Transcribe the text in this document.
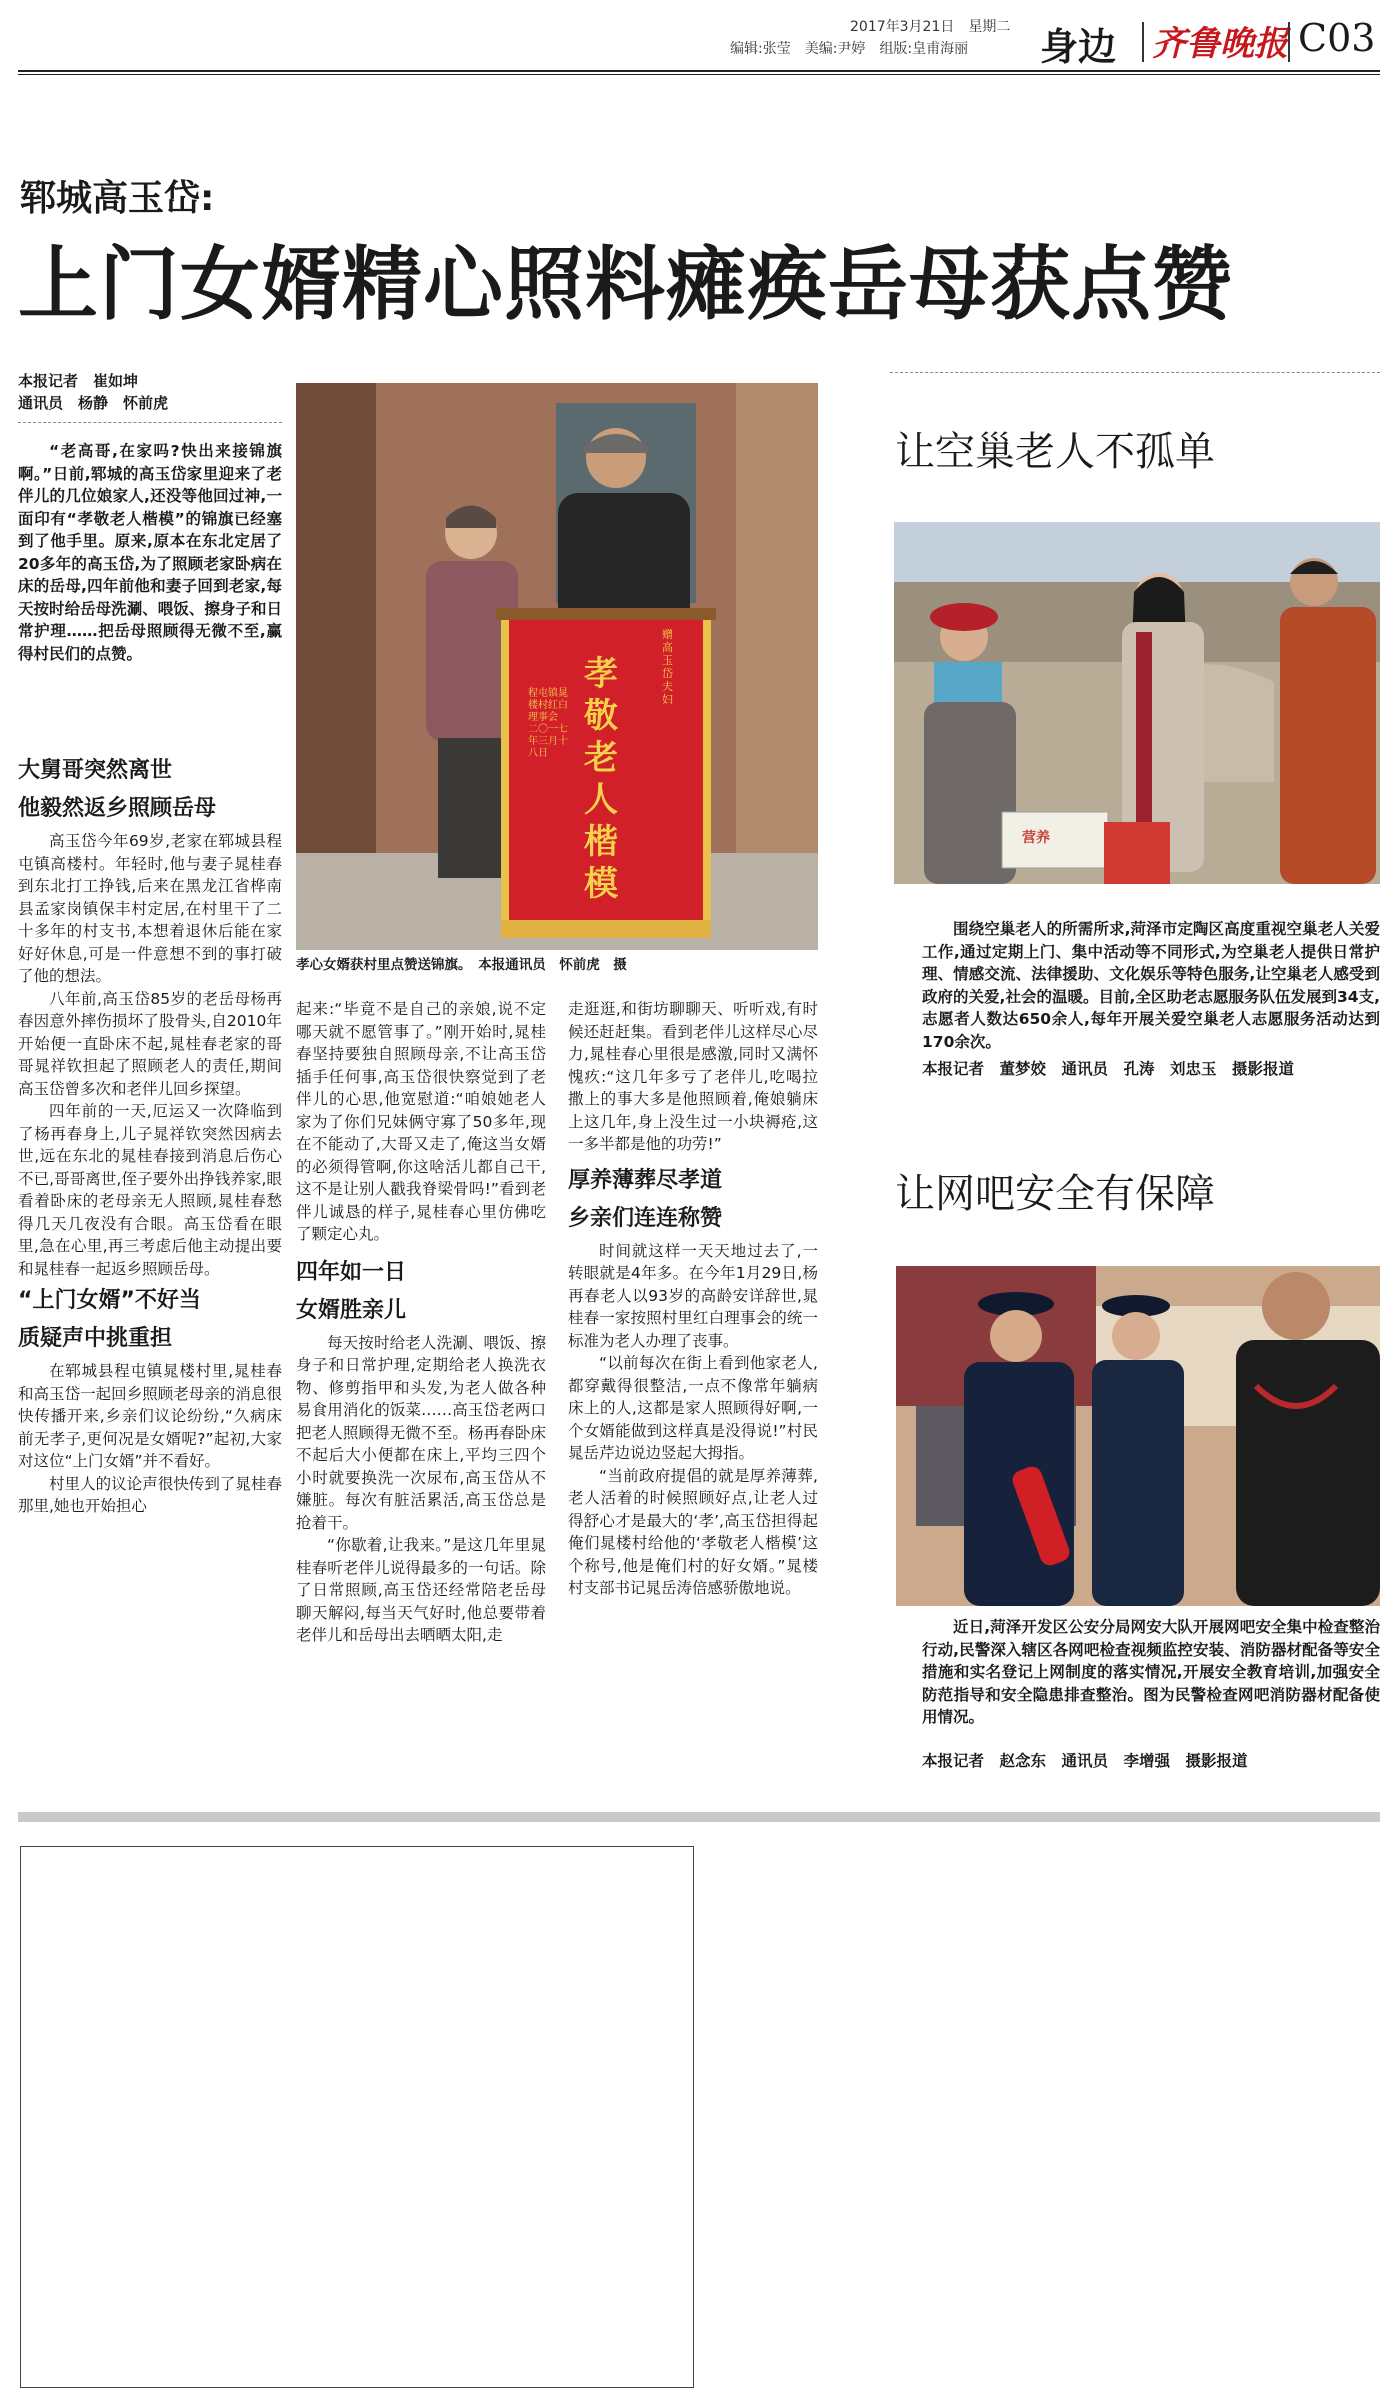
2017年3月21日　 星期二
编辑:张莹　 美编:尹婷　 组版:皇甫海丽 身边 齐鲁晚报 C03
郓城高玉岱:
上门女婿精心照料瘫痪岳母获点赞
本报记者　崔如坤
通讯员　杨静　怀前虎

“老高哥,在家吗?快出来接锦旗啊。”日前,郓城的高玉岱家里迎来了老伴儿的几位娘家人,还没等他回过神,一面印有“孝敬老人楷模”的锦旗已经塞到了他手里。原来,原本在东北定居了20多年的高玉岱,为了照顾老家卧病在床的岳母,四年前他和妻子回到老家,每天按时给岳母洗涮、喂饭、擦身子和日常护理……把岳母照顾得无微不至,赢得村民们的点赞。

孝敬老人楷模
赠 高玉岱 夫妇
程屯镇晁楼村红白理事会 二〇一七年三月十八日
孝心女婿获村里点赞送锦旗。　本报通讯员　怀前虎　摄
大舅哥突然离世
他毅然返乡照顾岳母

高玉岱今年69岁,老家在郓城县程屯镇高楼村。年轻时,他与妻子晁桂春到东北打工挣钱,后来在黑龙江省桦南县孟家岗镇保丰村定居,在村里干了二十多年的村支书,本想着退休后能在家好好休息,可是一件意想不到的事打破了他的想法。

八年前,高玉岱85岁的老岳母杨再春因意外摔伤损坏了股骨头,自2010年开始便一直卧床不起,晁桂春老家的哥哥晁祥钦担起了照顾老人的责任,期间高玉岱曾多次和老伴儿回乡探望。

四年前的一天,厄运又一次降临到了杨再春身上,儿子晁祥钦突然因病去世,远在东北的晁桂春接到消息后伤心不已,哥哥离世,侄子要外出挣钱养家,眼看着卧床的老母亲无人照顾,晁桂春愁得几天几夜没有合眼。高玉岱看在眼里,急在心里,再三考虑后他主动提出要和晁桂春一起返乡照顾岳母。

“上门女婿”不好当
质疑声中挑重担

在郓城县程屯镇晁楼村里,晁桂春和高玉岱一起回乡照顾老母亲的消息很快传播开来,乡亲们议论纷纷,“久病床前无孝子,更何况是女婿呢?”起初,大家对这位“上门女婿”并不看好。

村里人的议论声很快传到了晁桂春那里,她也开始担心

起来:“毕竟不是自己的亲娘,说不定哪天就不愿管事了。”刚开始时,晁桂春坚持要独自照顾母亲,不让高玉岱插手任何事,高玉岱很快察觉到了老伴儿的心思,他宽慰道:“咱娘她老人家为了你们兄妹俩守寡了50多年,现在不能动了,大哥又走了,俺这当女婿的必须得管啊,你这啥活儿都自己干,这不是让别人戳我脊梁骨吗!”看到老伴儿诚恳的样子,晁桂春心里仿佛吃了颗定心丸。

四年如一日
女婿胜亲儿

每天按时给老人洗涮、喂饭、擦身子和日常护理,定期给老人换洗衣物、修剪指甲和头发,为老人做各种易食用消化的饭菜……高玉岱老两口把老人照顾得无微不至。杨再春卧床不起后大小便都在床上,平均三四个小时就要换洗一次尿布,高玉岱从不嫌脏。每次有脏活累活,高玉岱总是抢着干。

“你歇着,让我来。”是这几年里晁桂春听老伴儿说得最多的一句话。除了日常照顾,高玉岱还经常陪老岳母聊天解闷,每当天气好时,他总要带着老伴儿和岳母出去晒晒太阳,走

走逛逛,和街坊聊聊天、听听戏,有时候还赶赶集。看到老伴儿这样尽心尽力,晁桂春心里很是感激,同时又满怀愧疚:“这几年多亏了老伴儿,吃喝拉撒上的事大多是他照顾着,俺娘躺床上这几年,身上没生过一小块褥疮,这一多半都是他的功劳!”

厚养薄葬尽孝道
乡亲们连连称赞

时间就这样一天天地过去了,一转眼就是4年多。在今年1月29日,杨再春老人以93岁的高龄安详辞世,晁桂春一家按照村里红白理事会的统一标准为老人办理了丧事。

“以前每次在街上看到他家老人,都穿戴得很整洁,一点不像常年躺病床上的人,这都是家人照顾得好啊,一个女婿能做到这样真是没得说!”村民晁岳芹边说边竖起大拇指。

“当前政府提倡的就是厚养薄葬,老人活着的时候照顾好点,让老人过得舒心才是最大的‘孝’,高玉岱担得起俺们晁楼村给他的‘孝敬老人楷模’这个称号,他是俺们村的好女婿。”晁楼村支部书记晁岳涛倍感骄傲地说。

让空巢老人不孤单
营养

围绕空巢老人的所需所求,菏泽市定陶区高度重视空巢老人关爱工作,通过定期上门、集中活动等不同形式,为空巢老人提供日常护理、情感交流、法律援助、文化娱乐等特色服务,让空巢老人感受到政府的关爱,社会的温暖。目前,全区助老志愿服务队伍发展到34支,志愿者人数达650余人,每年开展关爱空巢老人志愿服务活动达到170余次。

本报记者　董梦姣　通讯员　孔涛　刘忠玉　摄影报道
让网吧安全有保障

近日,菏泽开发区公安分局网安大队开展网吧安全集中检查整治行动,民警深入辖区各网吧检查视频监控安装、消防器材配备等安全措施和实名登记上网制度的落实情况,开展安全教育培训,加强安全防范指导和安全隐患排查整治。图为民警检查网吧消防器材配备使用情况。

本报记者　赵念东　通讯员　李增强　摄影报道
